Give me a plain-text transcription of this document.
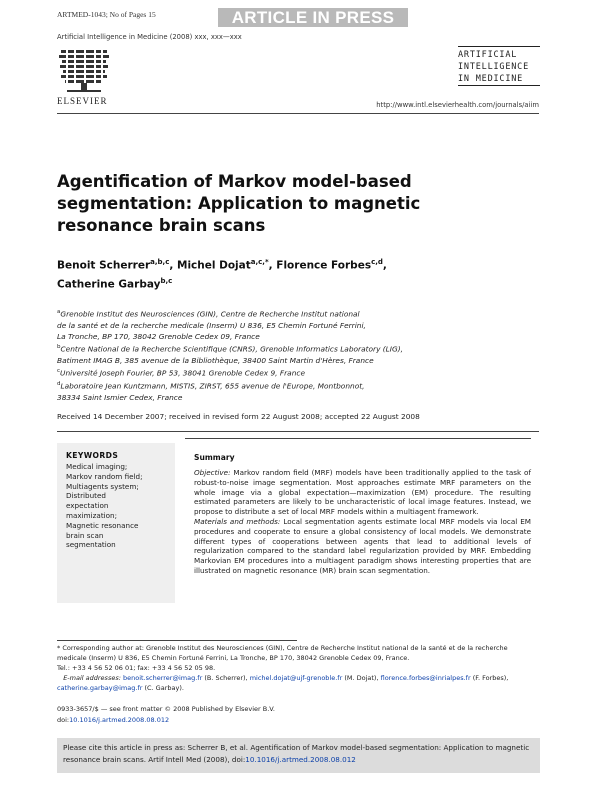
ARTMED-1043; No of Pages 15	ARTICLE IN PRESS
Artificial Intelligence in Medicine (2008) xxx, xxx—xxx
ELSEVIER
ARTIFICIAL
INTELLIGENCE
IN MEDICINE
http://www.intl.elsevierhealth.com/journals/aiim
Agentification of Markov model-based segmentation: Application to magnetic resonance brain scans
Benoit Scherrer$^{a,b,c}$, Michel Dojat$^{a,c,*}$, Florence Forbes$^{c,d}$,
Catherine Garbay$^{b,c}$
$^a$Grenoble Institut des Neurosciences (GIN), Centre de Recherche Institut national
de la santé et de la recherche medicale (Inserm) U 836, E5 Chemin Fortuné Ferrini,
La Tronche, BP 170, 38042 Grenoble Cedex 09, France
$^b$Centre National de la Recherche Scientifique (CNRS), Grenoble Informatics Laboratory (LIG),
Batiment IMAG B, 385 avenue de la Bibliothèque, 38400 Saint Martin d'Hères, France
$^c$Université Joseph Fourier, BP 53, 38041 Grenoble Cedex 9, France
$^d$Laboratoire Jean Kuntzmann, MISTIS, ZIRST, 655 avenue de l'Europe, Montbonnot,
38334 Saint Ismier Cedex, France
Received 14 December 2007; received in revised form 22 August 2008; accepted 22 August 2008
KEYWORDS
Medical imaging;
Markov random field;
Multiagents system;
Distributed
expectation
maximization;
Magnetic resonance
brain scan
segmentation
Summary

Objective: Markov random field (MRF) models have been traditionally applied to the task of robust-to-noise image segmentation. Most approaches estimate MRF parameters on the whole image via a global expectation—maximization (EM) procedure. The resulting estimated parameters are likely to be uncharacteristic of local image features. Instead, we propose to distribute a set of local MRF models within a multiagent framework.

Materials and methods: Local segmentation agents estimate local MRF models via local EM procedures and cooperate to ensure a global consistency of local models. We demonstrate different types of cooperations between agents that lead to additional levels of regularization compared to the standard label regularization provided by MRF. Embedding Markovian EM procedures into a multiagent paradigm shows interesting properties that are illustrated on magnetic resonance (MR) brain scan segmentation.

* Corresponding author at: Grenoble Institut des Neurosciences (GIN), Centre de Recherche Institut national de la santé et de la recherche medicale (Inserm) U 836, E5 Chemin Fortuné Ferrini, La Tronche, BP 170, 38042 Grenoble Cedex 09, France.
Tel.: +33 4 56 52 06 01; fax: +33 4 56 52 05 98.
E-mail addresses: benoit.scherrer@imag.fr (B. Scherrer), michel.dojat@ujf-grenoble.fr (M. Dojat), florence.forbes@inrialpes.fr (F. Forbes), catherine.garbay@imag.fr (C. Garbay).
0933-3657/$ — see front matter © 2008 Published by Elsevier B.V.
doi:10.1016/j.artmed.2008.08.012
Please cite this article in press as: Scherrer B, et al. Agentification of Markov model-based segmentation: Application to magnetic resonance brain scans. Artif Intell Med (2008), doi:10.1016/j.artmed.2008.08.012
